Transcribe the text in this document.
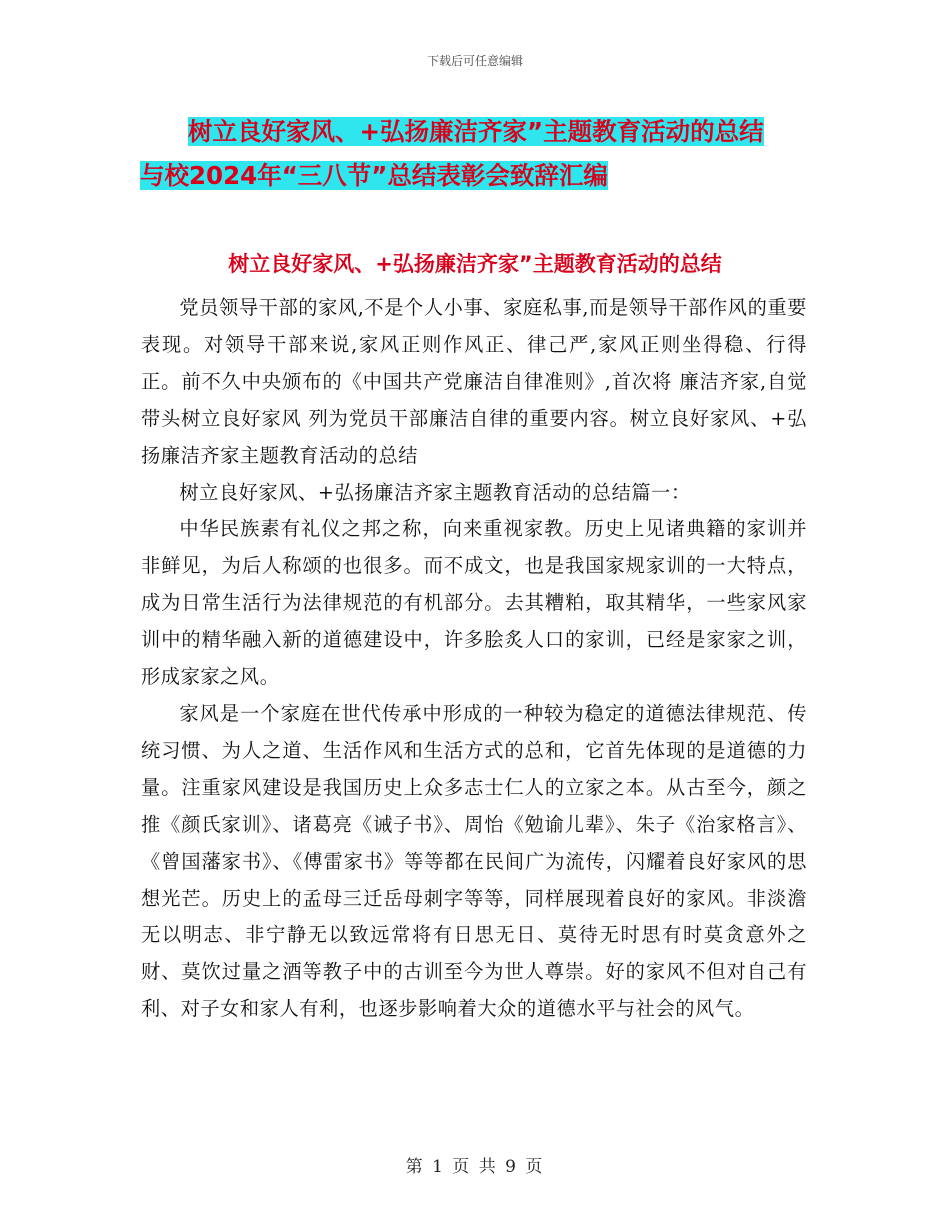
下载后可任意编辑
树立良好家风、+弘扬廉洁齐家”主题教育活动的总结
与校2024年“三八节”总结表彰会致辞汇编
树立良好家风、+弘扬廉洁齐家”主题教育活动的总结

党员领导干部的家风,不是个人小事、家庭私事,而是领导干部作风的重要表现。对领导干部来说,家风正则作风正、律己严,家风正则坐得稳、行得正。前不久中央颁布的《中国共产党廉洁自律准则》,首次将 廉洁齐家,自觉带头树立良好家风 列为党员干部廉洁自律的重要内容。树立良好家风、+弘扬廉洁齐家主题教育活动的总结

树立良好家风、+弘扬廉洁齐家主题教育活动的总结篇一：

中华民族素有礼仪之邦之称，向来重视家教。历史上见诸典籍的家训并非鲜见，为后人称颂的也很多。而不成文，也是我国家规家训的一大特点，成为日常生活行为法律规范的有机部分。去其糟粕，取其精华，一些家风家训中的精华融入新的道德建设中，许多脍炙人口的家训，已经是家家之训，形成家家之风。

家风是一个家庭在世代传承中形成的一种较为稳定的道德法律规范、传统习惯、为人之道、生活作风和生活方式的总和，它首先体现的是道德的力量。注重家风建设是我国历史上众多志士仁人的立家之本。从古至今，颜之推《颜氏家训》、诸葛亮《诫子书》、周怡《勉谕儿辈》、朱子《治家格言》、《曾国藩家书》、《傅雷家书》等等都在民间广为流传，闪耀着良好家风的思想光芒。历史上的孟母三迁岳母刺字等等，同样展现着良好的家风。非淡澹无以明志、非宁静无以致远常将有日思无日、莫待无时思有时莫贪意外之财、莫饮过量之酒等教子中的古训至今为世人尊崇。好的家风不但对自己有利、对子女和家人有利，也逐步影响着大众的道德水平与社会的风气。

第 1 页 共 9 页
